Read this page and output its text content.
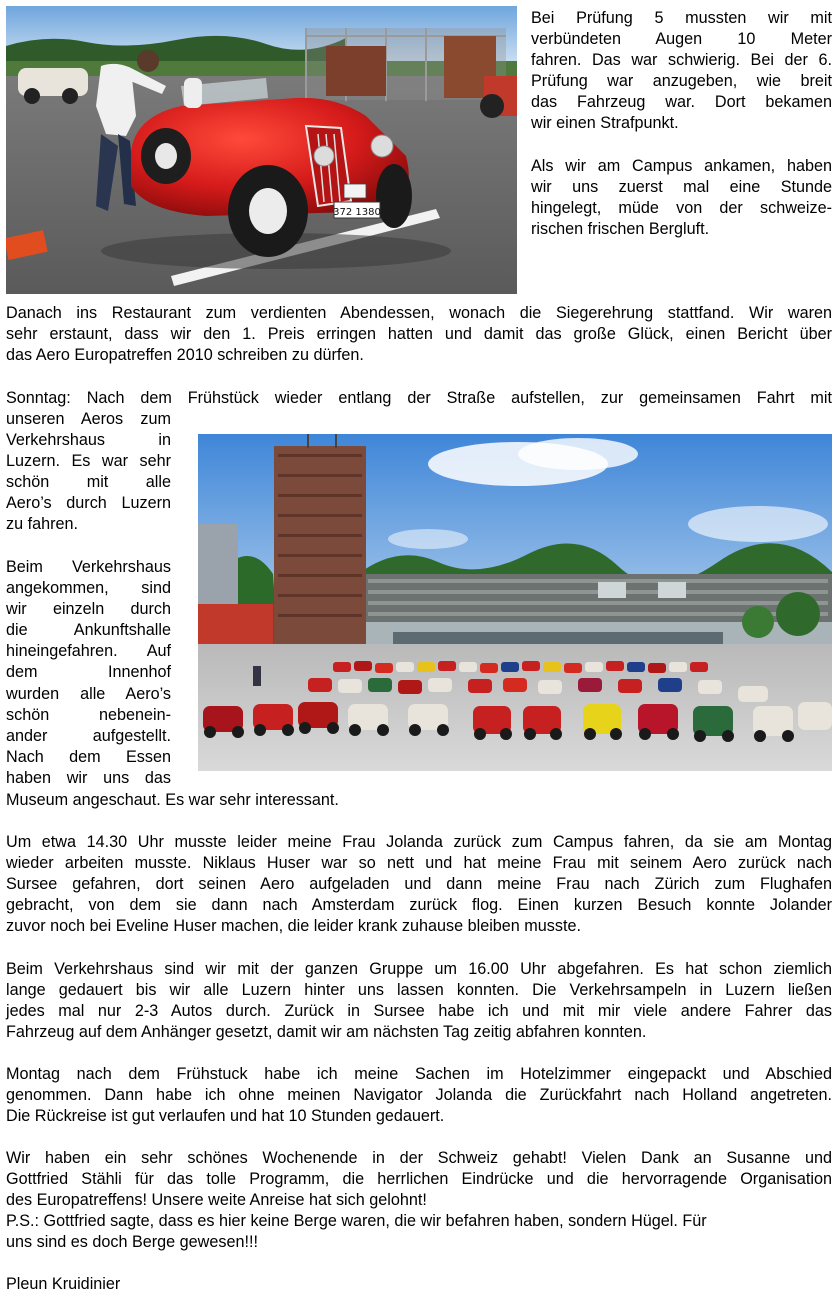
372 1380
Bei Prüfung 5 mussten wir mit
verbündeten Augen 10 Meter
fahren. Das war schwierig. Bei der 6.
Prüfung war anzugeben, wie breit
das Fahrzeug war. Dort bekamen
wir einen Strafpunkt.
Als wir am Campus ankamen, haben
wir uns zuerst mal eine Stunde
hingelegt, müde von der schweize-
rischen frischen Bergluft.
Danach ins Restaurant zum verdienten Abendessen, wonach die Siegerehrung stattfand. Wir waren
sehr erstaunt, dass wir den 1. Preis erringen hatten und damit das große Glück, einen Bericht über
das Aero Europatreffen 2010 schreiben zu dürfen.
Sonntag: Nach dem Frühstück wieder entlang der Straße aufstellen, zur gemeinsamen Fahrt mit
unseren Aeros zum
Verkehrshaus in
Luzern. Es war sehr
schön mit alle
Aero’s durch Luzern
zu fahren.
Beim Verkehrshaus
angekommen, sind
wir einzeln durch
die Ankunftshalle
hineingefahren. Auf
dem Innenhof
wurden alle Aero’s
schön nebenein-
ander aufgestellt.
Nach dem Essen
haben wir uns das
Museum angeschaut. Es war sehr interessant.
Um etwa 14.30 Uhr musste leider meine Frau Jolanda zurück zum Campus fahren, da sie am Montag
wieder arbeiten musste. Niklaus Huser war so nett und hat meine Frau mit seinem Aero zurück nach
Sursee gefahren, dort seinen Aero aufgeladen und dann meine Frau nach Zürich zum Flughafen
gebracht, von dem sie dann nach Amsterdam zurück flog. Einen kurzen Besuch konnte Jolander
zuvor noch bei Eveline Huser machen, die leider krank zuhause bleiben musste.
Beim Verkehrshaus sind wir mit der ganzen Gruppe um 16.00 Uhr abgefahren. Es hat schon ziemlich
lange gedauert bis wir alle Luzern hinter uns lassen konnten. Die Verkehrsampeln in Luzern ließen
jedes mal nur 2-3 Autos durch. Zurück in Sursee habe ich und mit mir viele andere Fahrer das
Fahrzeug auf dem Anhänger gesetzt, damit wir am nächsten Tag zeitig abfahren konnten.
Montag nach dem Frühstuck habe ich meine Sachen im Hotelzimmer eingepackt und Abschied
genommen. Dann habe ich ohne meinen Navigator Jolanda die Zurückfahrt nach Holland angetreten.
Die Rückreise ist gut verlaufen und hat 10 Stunden gedauert.
Wir haben ein sehr schönes Wochenende in der Schweiz gehabt! Vielen Dank an Susanne und
Gottfried Stähli für das tolle Programm, die herrlichen Eindrücke und die hervorragende Organisation
des Europatreffens! Unsere weite Anreise hat sich gelohnt!
P.S.: Gottfried sagte, dass es hier keine Berge waren, die wir befahren haben, sondern Hügel. Für
uns sind es doch Berge gewesen!!!
Pleun Kruidinier
